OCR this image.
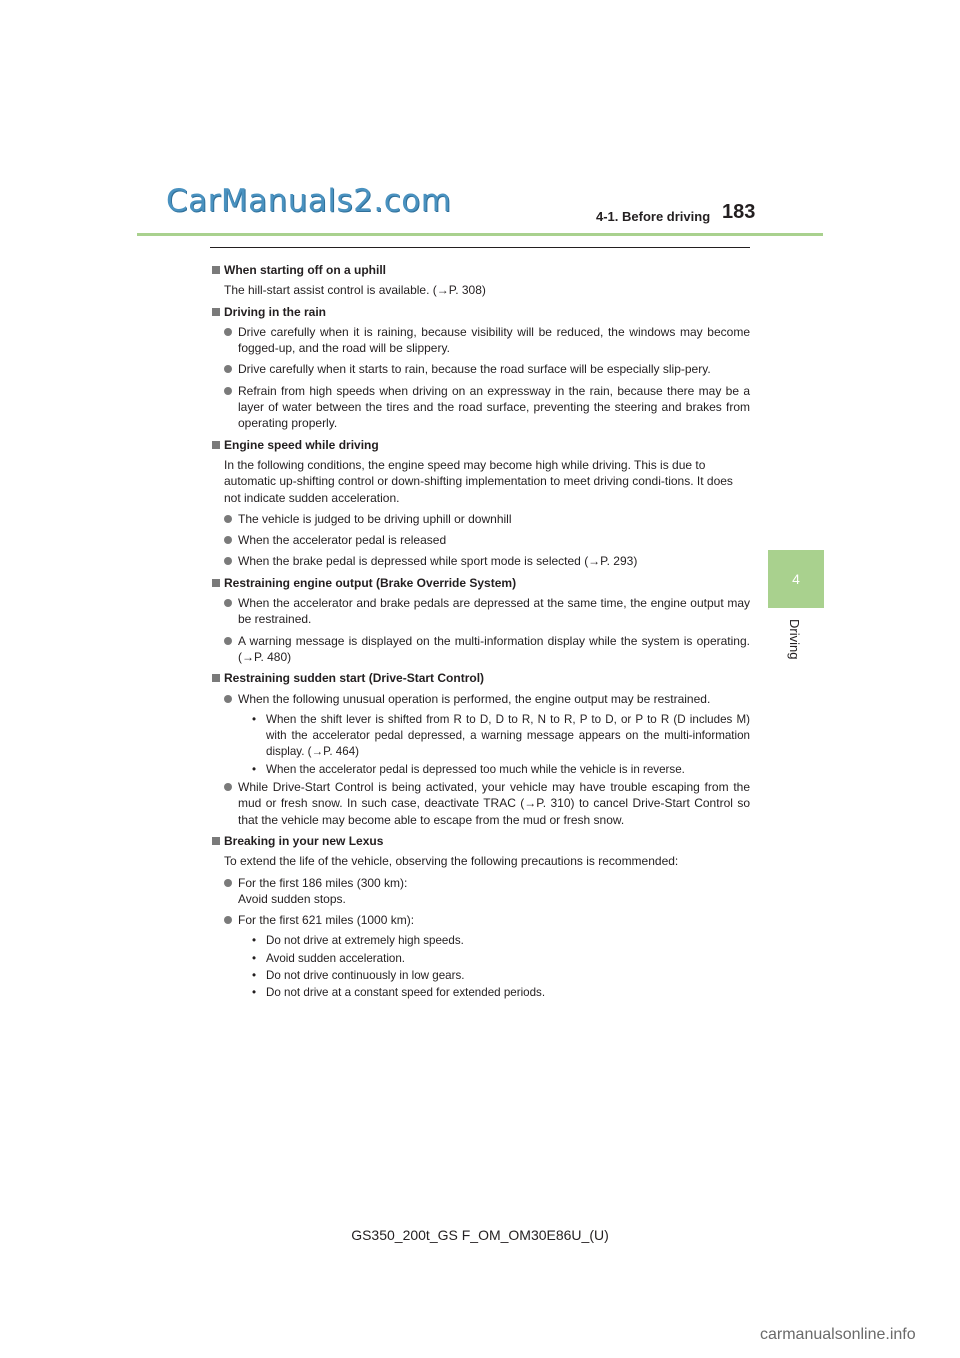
CarManuals2.com	4-1. Before driving 183
4
Driving
When starting off on a uphill
The hill-start assist control is available. (→P. 308)
Driving in the rain
Drive carefully when it is raining, because visibility will be reduced, the windows may become fogged-up, and the road will be slippery.
Drive carefully when it starts to rain, because the road surface will be especially slip-pery.
Refrain from high speeds when driving on an expressway in the rain, because there may be a layer of water between the tires and the road surface, preventing the steering and brakes from operating properly.
Engine speed while driving
In the following conditions, the engine speed may become high while driving. This is due to automatic up-shifting control or down-shifting implementation to meet driving condi-tions. It does not indicate sudden acceleration.
The vehicle is judged to be driving uphill or downhill
When the accelerator pedal is released
When the brake pedal is depressed while sport mode is selected (→P. 293)
Restraining engine output (Brake Override System)
When the accelerator and brake pedals are depressed at the same time, the engine output may be restrained.
A warning message is displayed on the multi-information display while the system is operating. (→P. 480)
Restraining sudden start (Drive-Start Control)
When the following unusual operation is performed, the engine output may be restrained.
• When the shift lever is shifted from R to D, D to R, N to R, P to D, or P to R (D includes M) with the accelerator pedal depressed, a warning message appears on the multi-information display. (→P. 464)
• When the accelerator pedal is depressed too much while the vehicle is in reverse.
While Drive-Start Control is being activated, your vehicle may have trouble escaping from the mud or fresh snow. In such case, deactivate TRAC (→P. 310) to cancel Drive-Start Control so that the vehicle may become able to escape from the mud or fresh snow.
Breaking in your new Lexus
To extend the life of the vehicle, observing the following precautions is recommended:
For the first 186 miles (300 km):
Avoid sudden stops.
For the first 621 miles (1000 km):
• Do not drive at extremely high speeds.
• Avoid sudden acceleration.
• Do not drive continuously in low gears.
• Do not drive at a constant speed for extended periods.
GS350_200t_GS F_OM_OM30E86U_(U)
carmanualsonline.info
